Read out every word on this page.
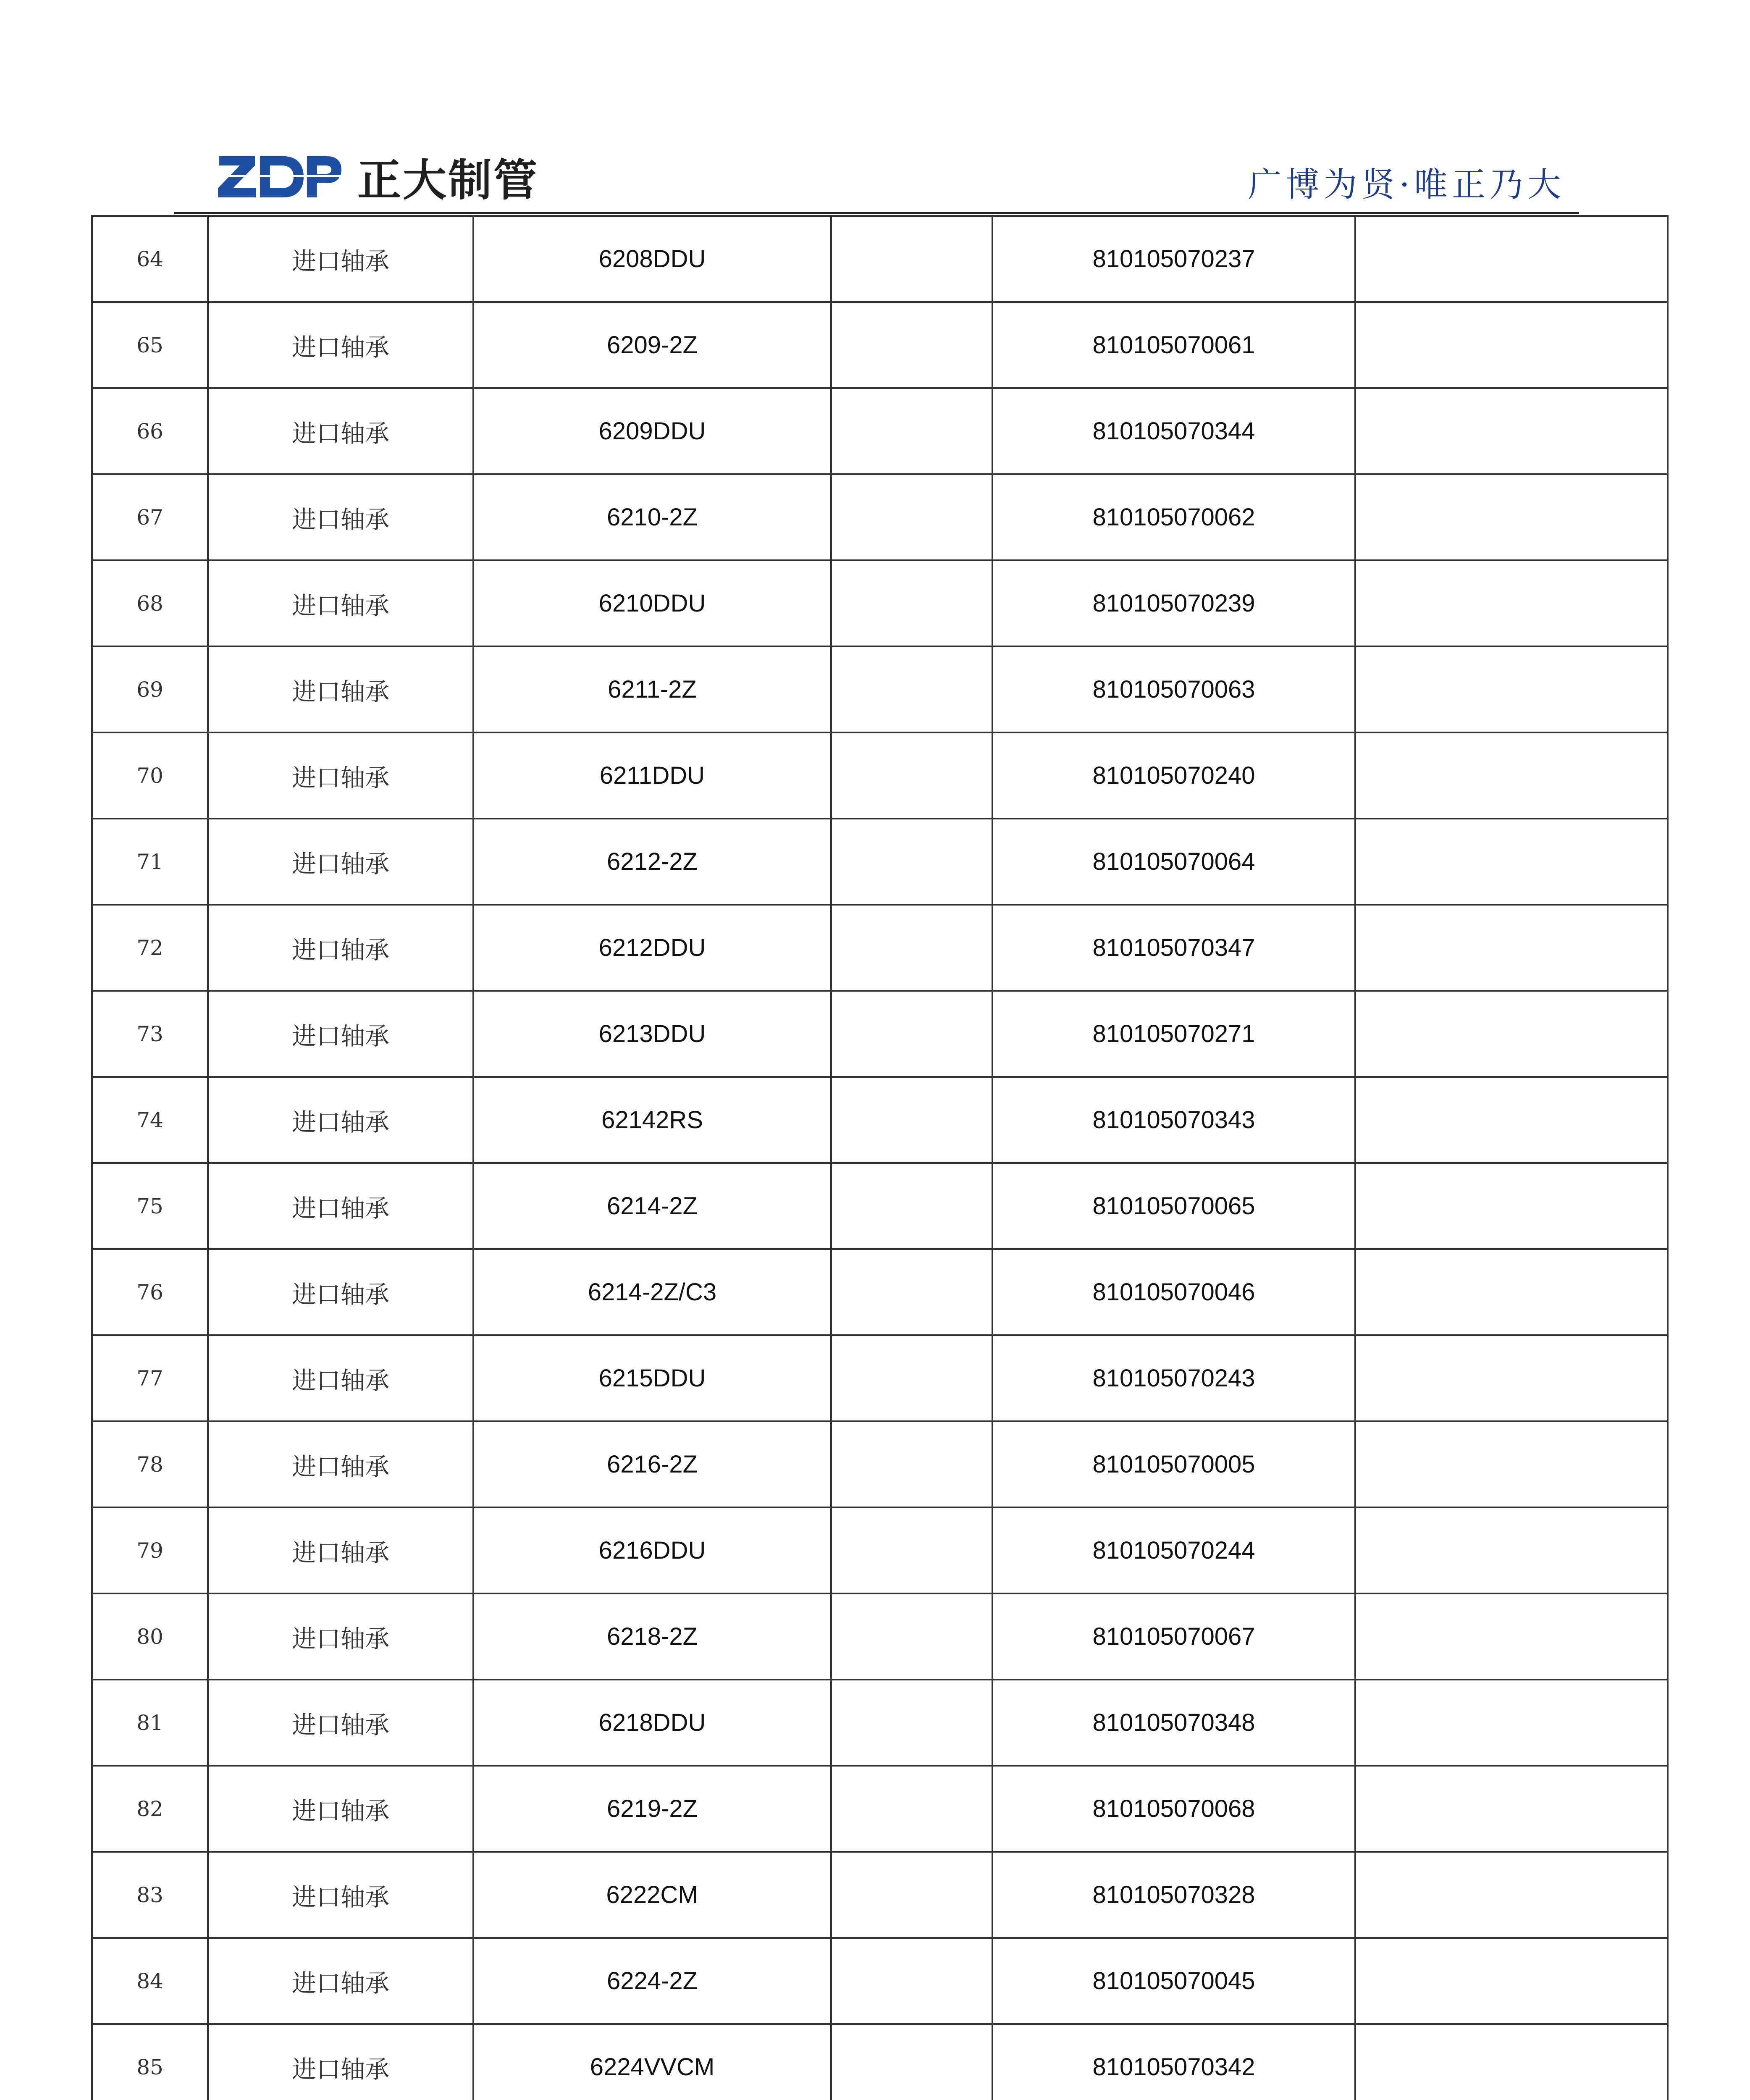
正大制管	广博为贤·唯正乃大
64	进口轴承	6208DDU		810105070237	
65	进口轴承	6209-2Z		810105070061	
66	进口轴承	6209DDU		810105070344	
67	进口轴承	6210-2Z		810105070062	
68	进口轴承	6210DDU		810105070239	
69	进口轴承	6211-2Z		810105070063	
70	进口轴承	6211DDU		810105070240	
71	进口轴承	6212-2Z		810105070064	
72	进口轴承	6212DDU		810105070347	
73	进口轴承	6213DDU		810105070271	
74	进口轴承	62142RS		810105070343	
75	进口轴承	6214-2Z		810105070065	
76	进口轴承	6214-2Z/C3		810105070046	
77	进口轴承	6215DDU		810105070243	
78	进口轴承	6216-2Z		810105070005	
79	进口轴承	6216DDU		810105070244	
80	进口轴承	6218-2Z		810105070067	
81	进口轴承	6218DDU		810105070348	
82	进口轴承	6219-2Z		810105070068	
83	进口轴承	6222CM		810105070328	
84	进口轴承	6224-2Z		810105070045	
85	进口轴承	6224VVCM		810105070342	
